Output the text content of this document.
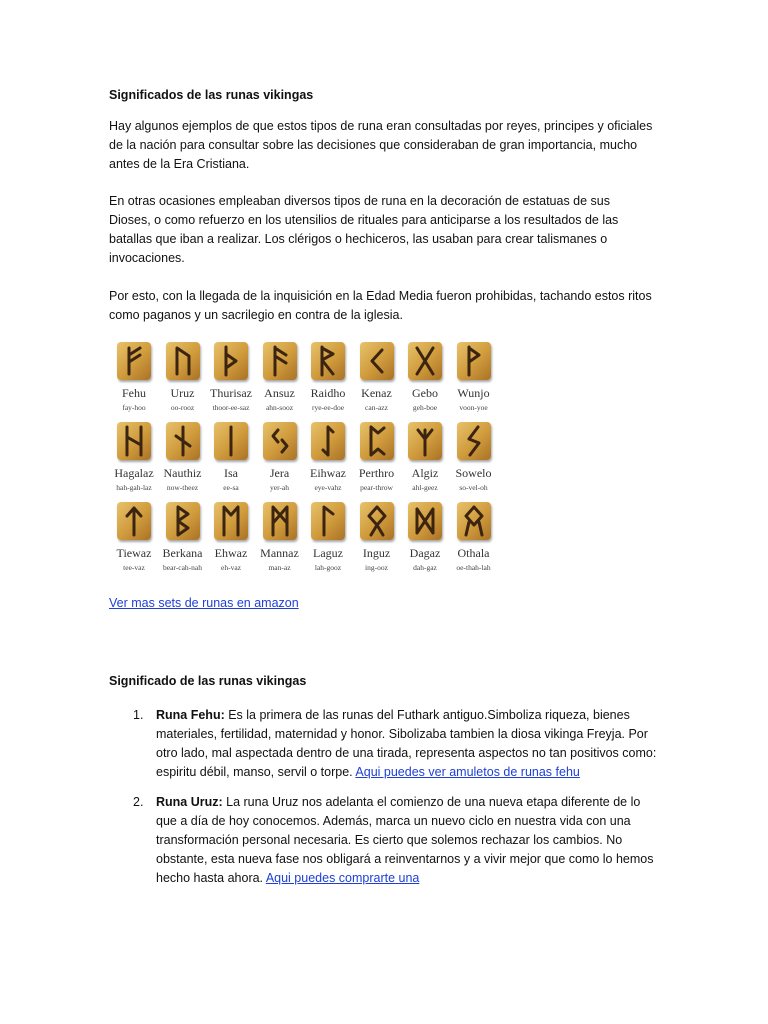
Significados de las runas vikingas
Hay algunos ejemplos de que estos tipos de runa eran consultadas por reyes, principes y oficiales de la nación para consultar sobre las decisiones que consideraban de gran importancia, mucho antes de la Era Cristiana.
En otras ocasiones empleaban diversos tipos de runa en la decoración de estatuas de sus Dioses, o como refuerzo en los utensilios de rituales para anticiparse a los resultados de las batallas que iban a realizar. Los clérigos o hechiceros, las usaban para crear talismanes o invocaciones.
Por esto, con la llegada de la inquisición en la Edad Media fueron prohibidas, tachando estos ritos como paganos y un sacrilegio en contra de la iglesia.
Fehu
fay-hoo
Uruz
oo-rooz
Thurisaz
thoor-ee-saz
Ansuz
ahn-sooz
Raidho
rye-ee-doe
Kenaz
can-azz
Gebo
geh-boe
Wunjo
voon-yoe
Hagalaz
hah-gah-laz
Nauthiz
now-theez
Isa
ee-sa
Jera
yer-ah
Eihwaz
eye-vahz
Perthro
pear-throw
Algiz
ahl-geez
Sowelo
so-vel-oh
Tiewaz
tee-vaz
Berkana
bear-cah-nah
Ehwaz
eh-vaz
Mannaz
man-az
Laguz
lah-gooz
Inguz
ing-ooz
Dagaz
dah-gaz
Othala
oe-thah-lah
Ver mas sets de runas en amazon
Significado de las runas vikingas
1. Runa Fehu: Es la primera de las runas del Futhark antiguo.Simboliza riqueza, bienes materiales, fertilidad, maternidad y honor. Sibolizaba tambien la diosa vikinga Freyja. Por otro lado, mal aspectada dentro de una tirada, representa aspectos no tan positivos como: espiritu débil, manso, servil o torpe. Aqui puedes ver amuletos de runas fehu
2. Runa Uruz: La runa Uruz nos adelanta el comienzo de una nueva etapa diferente de lo que a día de hoy conocemos. Además, marca un nuevo ciclo en nuestra vida con una transformación personal necesaria. Es cierto que solemos rechazar los cambios. No obstante, esta nueva fase nos obligará a reinventarnos y a vivir mejor que como lo hemos hecho hasta ahora. Aqui puedes comprarte una
